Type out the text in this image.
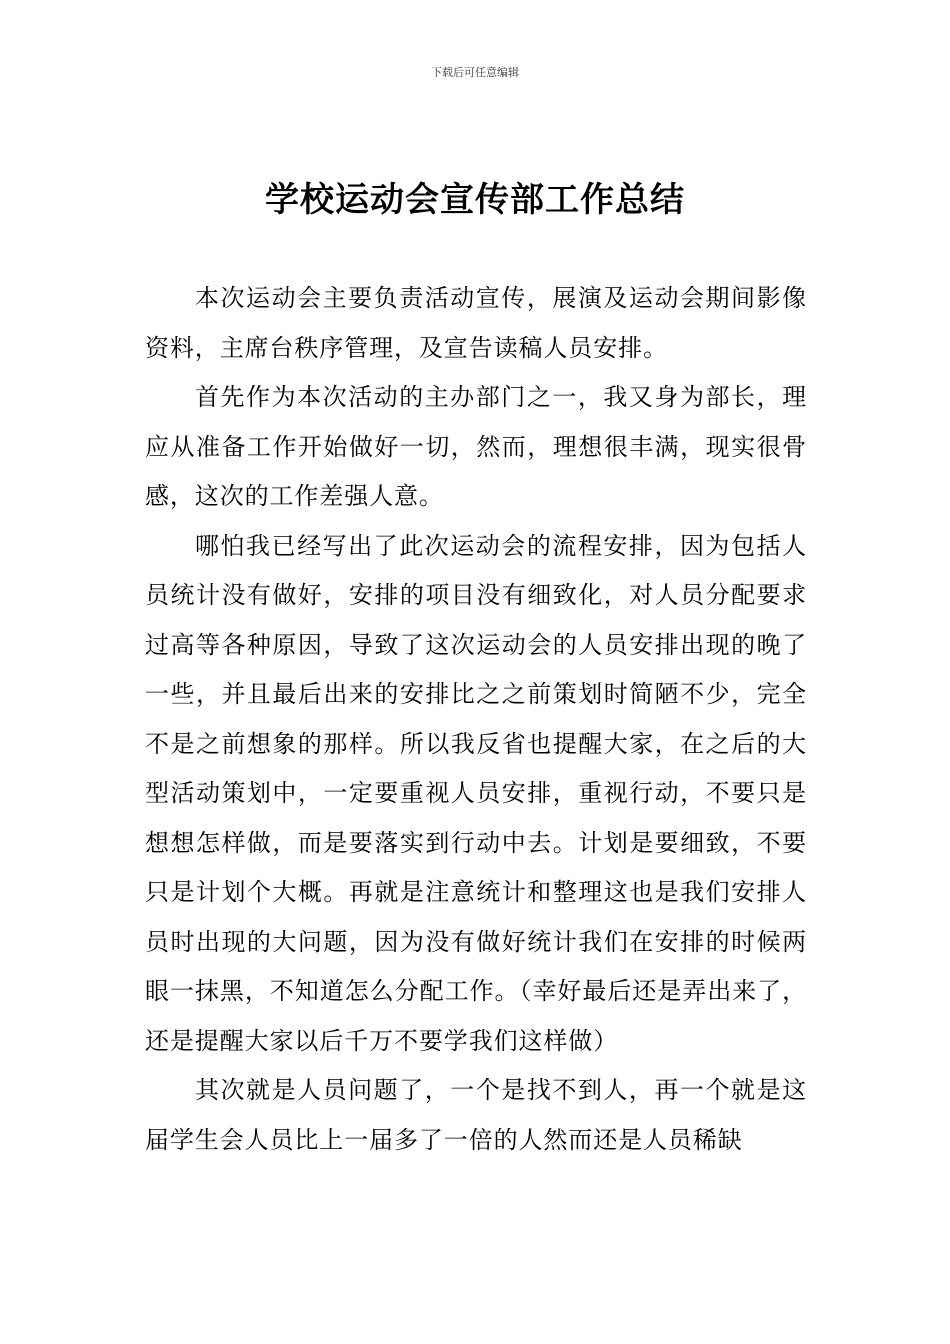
下载后可任意编辑
学校运动会宣传部工作总结

本次运动会主要负责活动宣传，展演及运动会期间影像资料，主席台秩序管理，及宣告读稿人员安排。

首先作为本次活动的主办部门之一，我又身为部长，理应从准备工作开始做好一切，然而，理想很丰满，现实很骨感，这次的工作差强人意。

哪怕我已经写出了此次运动会的流程安排，因为包括人员统计没有做好，安排的项目没有细致化，对人员分配要求过高等各种原因，导致了这次运动会的人员安排出现的晚了一些，并且最后出来的安排比之之前策划时简陋不少，完全不是之前想象的那样。所以我反省也提醒大家，在之后的大型活动策划中，一定要重视人员安排，重视行动，不要只是想想怎样做，而是要落实到行动中去。计划是要细致，不要只是计划个大概。再就是注意统计和整理这也是我们安排人员时出现的大问题，因为没有做好统计我们在安排的时候两眼一抹黑，不知道怎么分配工作。（幸好最后还是弄出来了，还是提醒大家以后千万不要学我们这样做）

其次就是人员问题了，一个是找不到人，再一个就是这届学生会人员比上一届多了一倍的人然而还是人员稀缺
